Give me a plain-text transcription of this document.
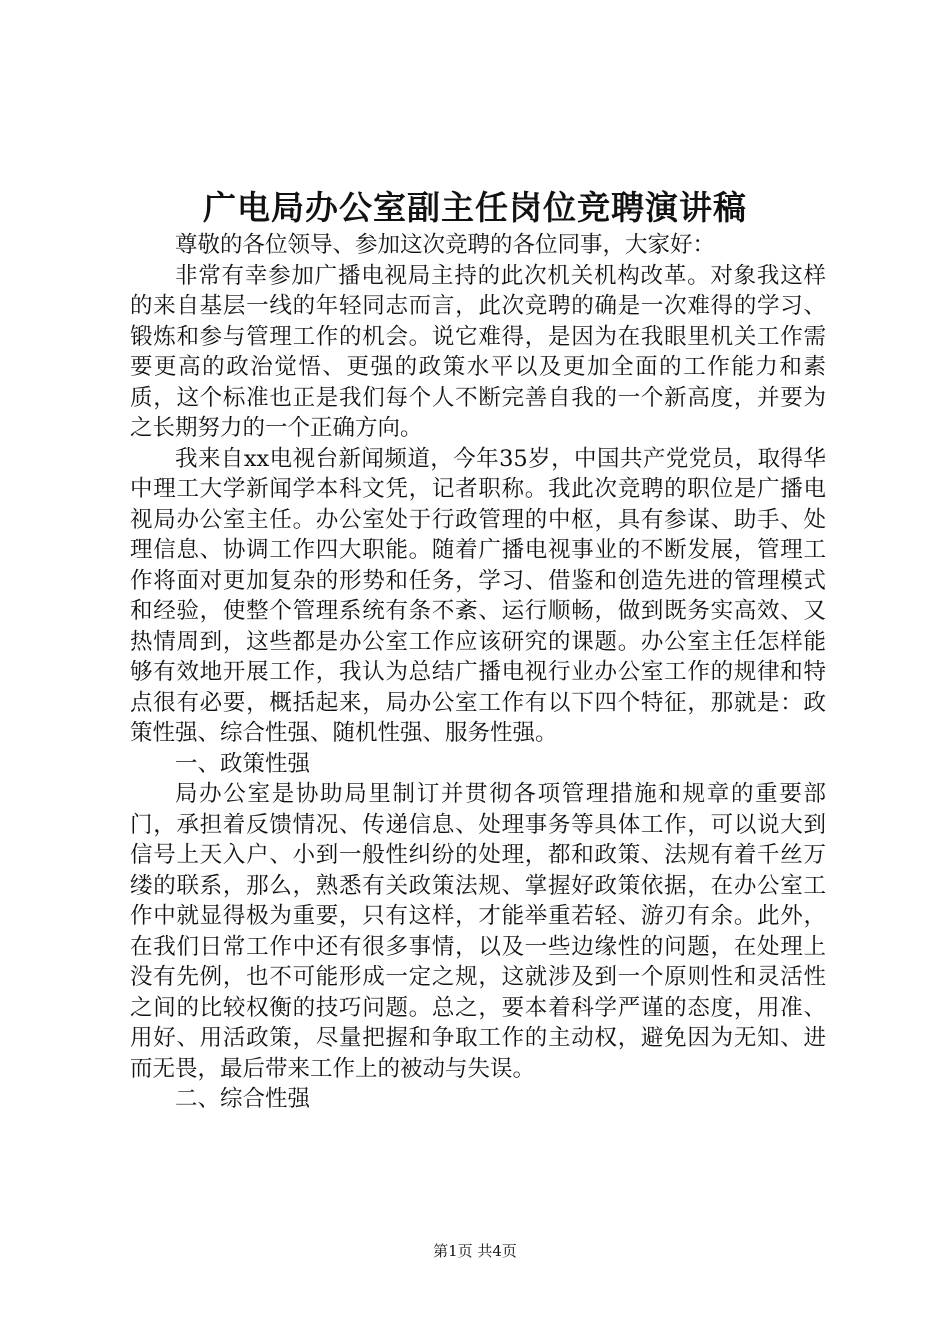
广电局办公室副主任岗位竞聘演讲稿

尊敬的各位领导、参加这次竞聘的各位同事，大家好：

非常有幸参加广播电视局主持的此次机关机构改革。对象我这样的来自基层一线的年轻同志而言，此次竞聘的确是一次难得的学习、锻炼和参与管理工作的机会。说它难得，是因为在我眼里机关工作需要更高的政治觉悟、更强的政策水平以及更加全面的工作能力和素质，这个标准也正是我们每个人不断完善自我的一个新高度，并要为之长期努力的一个正确方向。

我来自xx电视台新闻频道，今年35岁，中国共产党党员，取得华中理工大学新闻学本科文凭，记者职称。我此次竞聘的职位是广播电视局办公室主任。办公室处于行政管理的中枢，具有参谋、助手、处理信息、协调工作四大职能。随着广播电视事业的不断发展，管理工作将面对更加复杂的形势和任务，学习、借鉴和创造先进的管理模式和经验，使整个管理系统有条不紊、运行顺畅，做到既务实高效、又热情周到，这些都是办公室工作应该研究的课题。办公室主任怎样能够有效地开展工作，我认为总结广播电视行业办公室工作的规律和特点很有必要，概括起来，局办公室工作有以下四个特征，那就是：政策性强、综合性强、随机性强、服务性强。

一、政策性强

局办公室是协助局里制订并贯彻各项管理措施和规章的重要部门，承担着反馈情况、传递信息、处理事务等具体工作，可以说大到信号上天入户、小到一般性纠纷的处理，都和政策、法规有着千丝万缕的联系，那么，熟悉有关政策法规、掌握好政策依据，在办公室工作中就显得极为重要，只有这样，才能举重若轻、游刃有余。此外，在我们日常工作中还有很多事情，以及一些边缘性的问题，在处理上没有先例，也不可能形成一定之规，这就涉及到一个原则性和灵活性之间的比较权衡的技巧问题。总之，要本着科学严谨的态度，用准、用好、用活政策，尽量把握和争取工作的主动权，避免因为无知、进而无畏，最后带来工作上的被动与失误。

二、综合性强

第1页 共4页
